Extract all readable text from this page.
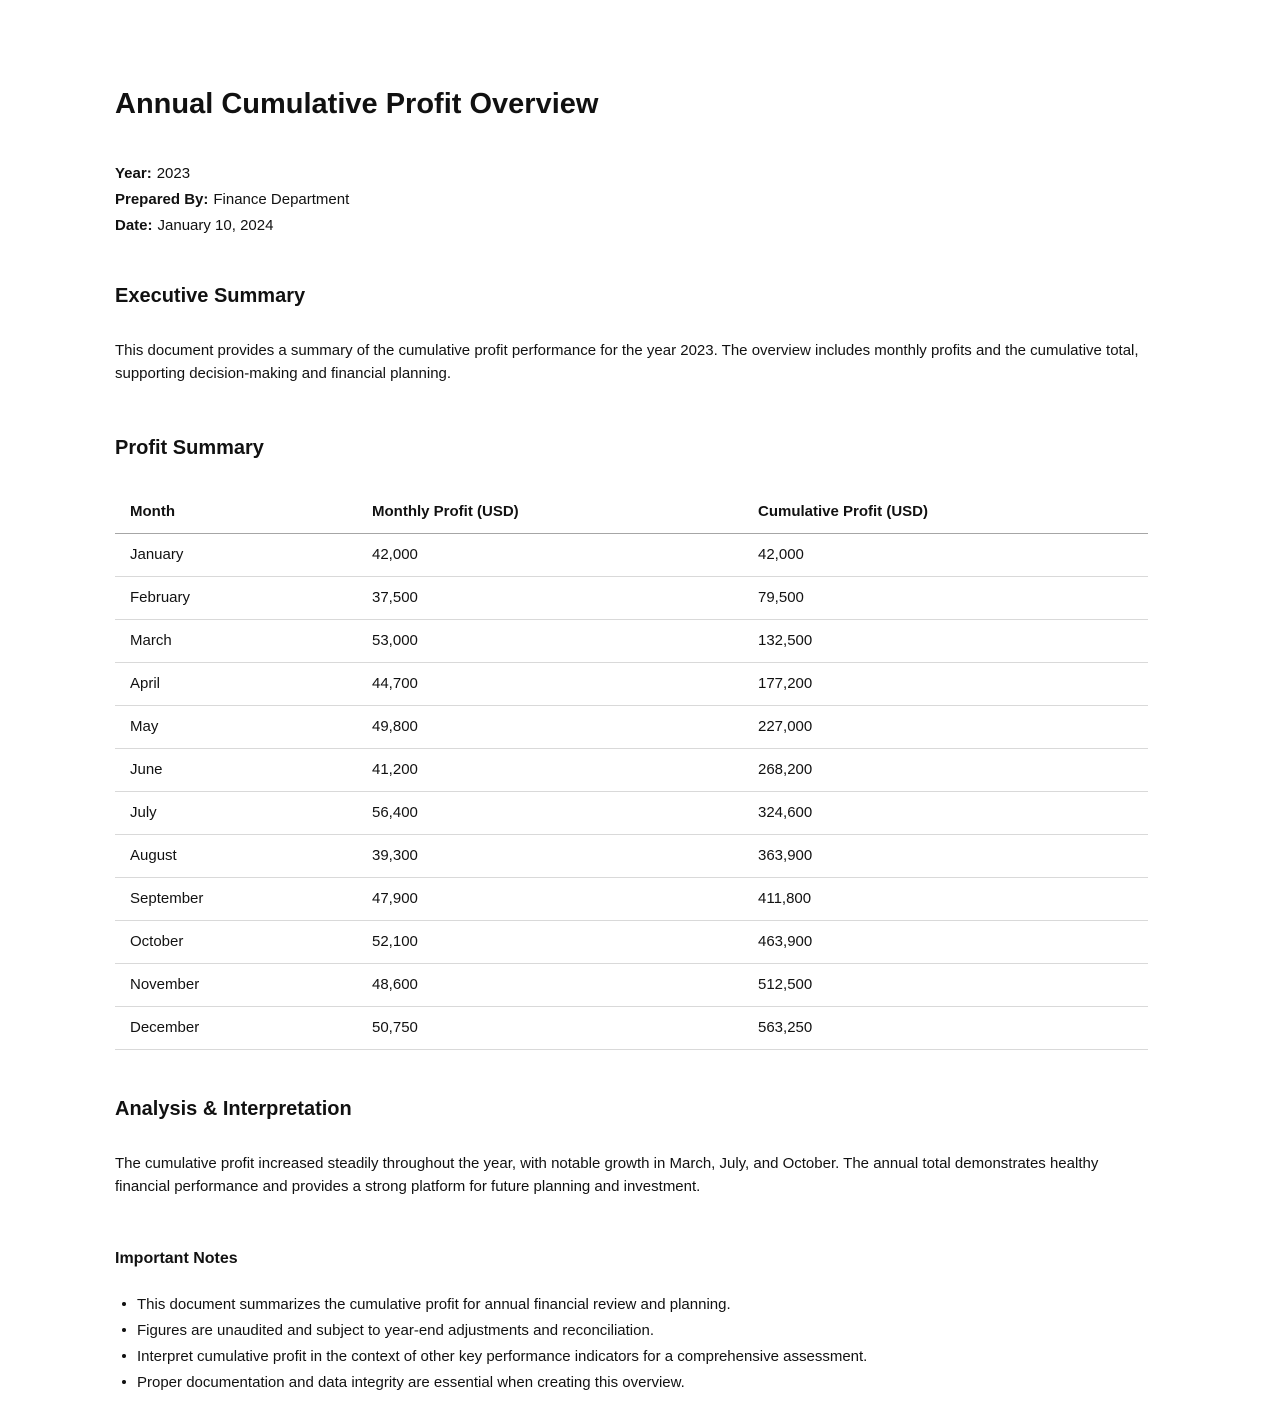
Annual Cumulative Profit Overview
Year: 2023
Prepared By: Finance Department
Date: January 10, 2024
Executive Summary

This document provides a summary of the cumulative profit performance for the year 2023. The overview includes monthly profits and the cumulative total, supporting decision-making and financial planning.

Profit Summary
Month	Monthly Profit (USD)	Cumulative Profit (USD)
January	42,000	42,000
February	37,500	79,500
March	53,000	132,500
April	44,700	177,200
May	49,800	227,000
June	41,200	268,200
July	56,400	324,600
August	39,300	363,900
September	47,900	411,800
October	52,100	463,900
November	48,600	512,500
December	50,750	563,250
Analysis & Interpretation

The cumulative profit increased steadily throughout the year, with notable growth in March, July, and October. The annual total demonstrates healthy financial performance and provides a strong platform for future planning and investment.

Important Notes
This document summarizes the cumulative profit for annual financial review and planning.
Figures are unaudited and subject to year-end adjustments and reconciliation.
Interpret cumulative profit in the context of other key performance indicators for a comprehensive assessment.
Proper documentation and data integrity are essential when creating this overview.
